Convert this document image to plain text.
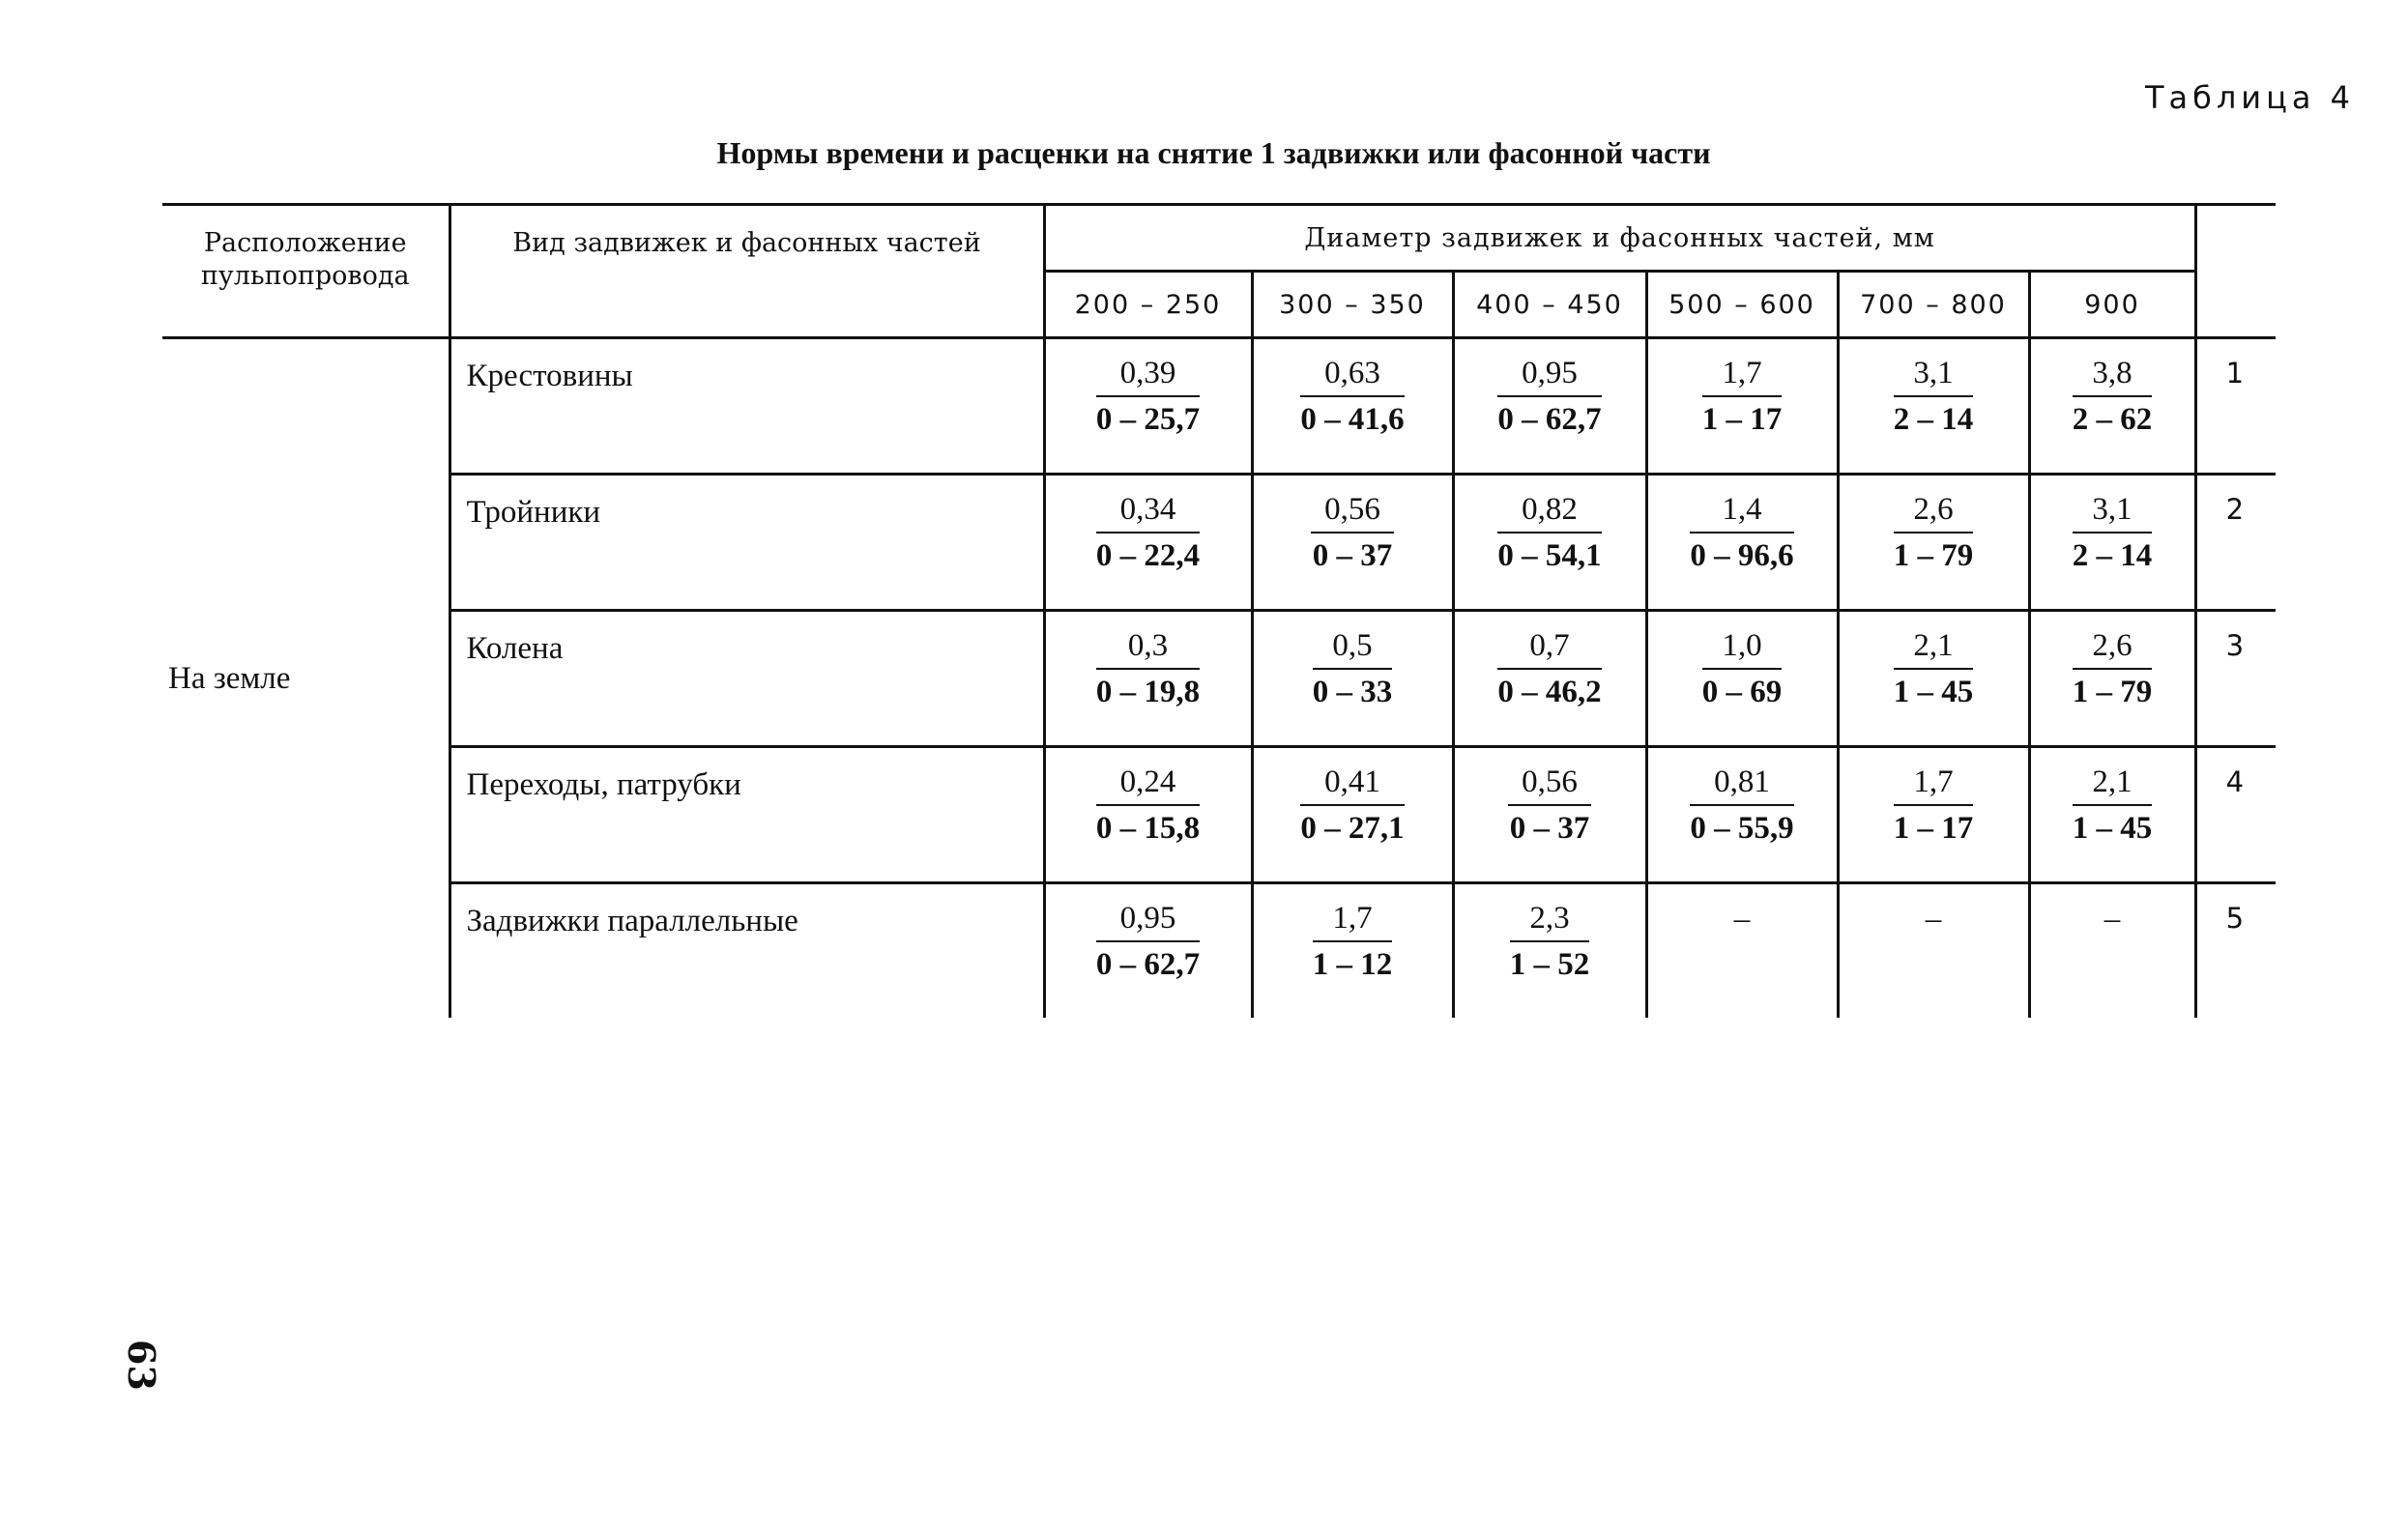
Таблица 4
Нормы времени и расценки на снятие 1 задвижки или фасонной части
Расположение пульпопровода	Вид задвижек и фасонных частей	Диаметр задвижек и фасонных частей, мм						
		200 – 250	300 – 350	400 – 450	500 – 600	700 – 800	900	
На земле	Крестовины	$\frac{0,39}{0 - 25,7}$	$\frac{0,63}{0 - 41,6}$	$\frac{0,95}{0 - 62,7}$	$\frac{1,7}{1 - 17}$	$\frac{3,1}{2 - 14}$	$\frac{3,8}{2 - 62}$	1
	Тройники	$\frac{0,34}{0 - 22,4}$	$\frac{0,56}{0 - 37}$	$\frac{0,82}{0 - 54,1}$	$\frac{1,4}{0 - 96,6}$	$\frac{2,6}{1 - 79}$	$\frac{3,1}{2 - 14}$	2
	Колена	$\frac{0,3}{0 - 19,8}$	$\frac{0,5}{0 - 33}$	$\frac{0,7}{0 - 46,2}$	$\frac{1,0}{0 - 69}$	$\frac{2,1}{1 - 45}$	$\frac{2,6}{1 - 79}$	3
	Переходы, патрубки	$\frac{0,24}{0 - 15,8}$	$\frac{0,41}{0 - 27,1}$	$\frac{0,56}{0 - 37}$	$\frac{0,81}{0 - 55,9}$	$\frac{1,7}{1 - 17}$	$\frac{2,1}{1 - 45}$	4
	Задвижки параллельные	$\frac{0,95}{0 - 62,7}$	$\frac{1,7}{1 - 12}$	$\frac{2,3}{1 - 52}$	–	–	–	5
63
